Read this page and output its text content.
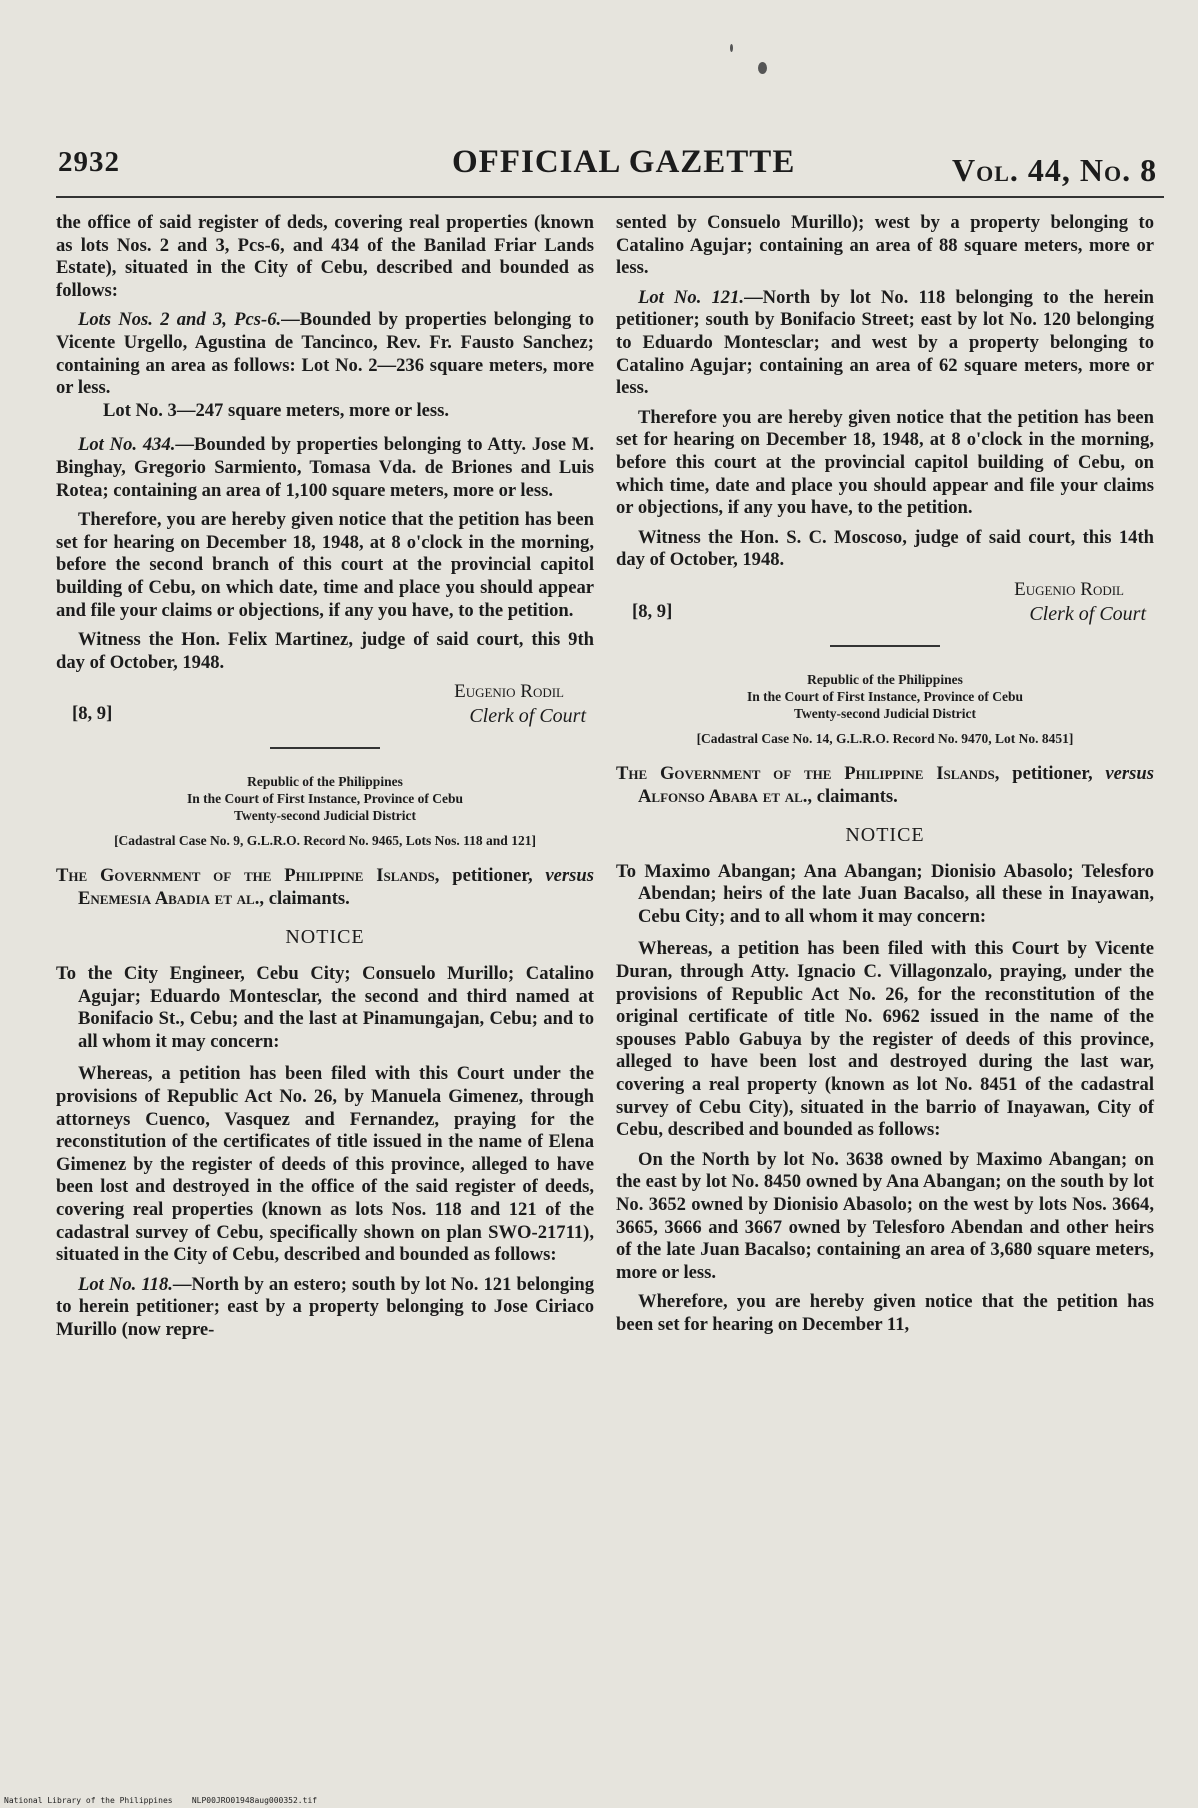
2932	OFFICIAL GAZETTE	Vol. 44, No. 8

the office of said register of deds, covering real properties (known as lots Nos. 2 and 3, Pcs-6, and 434 of the Banilad Friar Lands Estate), situated in the City of Cebu, described and bounded as follows:

Lots Nos. 2 and 3, Pcs-6.—Bounded by properties belonging to Vicente Urgello, Agustina de Tancinco, Rev. Fr. Fausto Sanchez; containing an area as follows: Lot No. 2—236 square meters, more or less.

Lot No. 3—247 square meters, more or less.

Lot No. 434.—Bounded by properties belonging to Atty. Jose M. Binghay, Gregorio Sarmiento, Tomasa Vda. de Briones and Luis Rotea; containing an area of 1,100 square meters, more or less.

Therefore, you are hereby given notice that the petition has been set for hearing on December 18, 1948, at 8 o'clock in the morning, before the second branch of this court at the provincial capitol building of Cebu, on which date, time and place you should appear and file your claims or objections, if any you have, to the petition.

Witness the Hon. Felix Martinez, judge of said court, this 9th day of October, 1948.

[8, 9]
Eugenio Rodil
Clerk of Court
Republic of the Philippines
In the Court of First Instance, Province of Cebu
Twenty-second Judicial District
[Cadastral Case No. 9, G.L.R.O. Record No. 9465, Lots Nos. 118 and 121]

The Government of the Philippine Islands, petitioner, versus Enemesia Abadia et al., claimants.

NOTICE

To the City Engineer, Cebu City; Consuelo Murillo; Catalino Agujar; Eduardo Montesclar, the second and third named at Bonifacio St., Cebu; and the last at Pinamungajan, Cebu; and to all whom it may concern:

Whereas, a petition has been filed with this Court under the provisions of Republic Act No. 26, by Manuela Gimenez, through attorneys Cuenco, Vasquez and Fernandez, praying for the reconstitution of the certificates of title issued in the name of Elena Gimenez by the register of deeds of this province, alleged to have been lost and destroyed in the office of the said register of deeds, covering real properties (known as lots Nos. 118 and 121 of the cadastral survey of Cebu, specifically shown on plan SWO-21711), situated in the City of Cebu, described and bounded as follows:

Lot No. 118.—North by an estero; south by lot No. 121 belonging to herein petitioner; east by a property belonging to Jose Ciriaco Murillo (now repre-

sented by Consuelo Murillo); west by a property belonging to Catalino Agujar; containing an area of 88 square meters, more or less.

Lot No. 121.—North by lot No. 118 belonging to the herein petitioner; south by Bonifacio Street; east by lot No. 120 belonging to Eduardo Montesclar; and west by a property belonging to Catalino Agujar; containing an area of 62 square meters, more or less.

Therefore you are hereby given notice that the petition has been set for hearing on December 18, 1948, at 8 o'clock in the morning, before this court at the provincial capitol building of Cebu, on which time, date and place you should appear and file your claims or objections, if any you have, to the petition.

Witness the Hon. S. C. Moscoso, judge of said court, this 14th day of October, 1948.

[8, 9]
Eugenio Rodil
Clerk of Court
Republic of the Philippines
In the Court of First Instance, Province of Cebu
Twenty-second Judicial District
[Cadastral Case No. 14, G.L.R.O. Record No. 9470, Lot No. 8451]

The Government of the Philippine Islands, petitioner, versus Alfonso Ababa et al., claimants.

NOTICE

To Maximo Abangan; Ana Abangan; Dionisio Abasolo; Telesforo Abendan; heirs of the late Juan Bacalso, all these in Inayawan, Cebu City; and to all whom it may concern:

Whereas, a petition has been filed with this Court by Vicente Duran, through Atty. Ignacio C. Villagonzalo, praying, under the provisions of Republic Act No. 26, for the reconstitution of the original certificate of title No. 6962 issued in the name of the spouses Pablo Gabuya by the register of deeds of this province, alleged to have been lost and destroyed during the last war, covering a real property (known as lot No. 8451 of the cadastral survey of Cebu City), situated in the barrio of Inayawan, City of Cebu, described and bounded as follows:

On the North by lot No. 3638 owned by Maximo Abangan; on the east by lot No. 8450 owned by Ana Abangan; on the south by lot No. 3652 owned by Dionisio Abasolo; on the west by lots Nos. 3664, 3665, 3666 and 3667 owned by Telesforo Abendan and other heirs of the late Juan Bacalso; containing an area of 3,680 square meters, more or less.

Wherefore, you are hereby given notice that the petition has been set for hearing on December 11,

National Library of the Philippines NLP00JRO01948aug000352.tif
